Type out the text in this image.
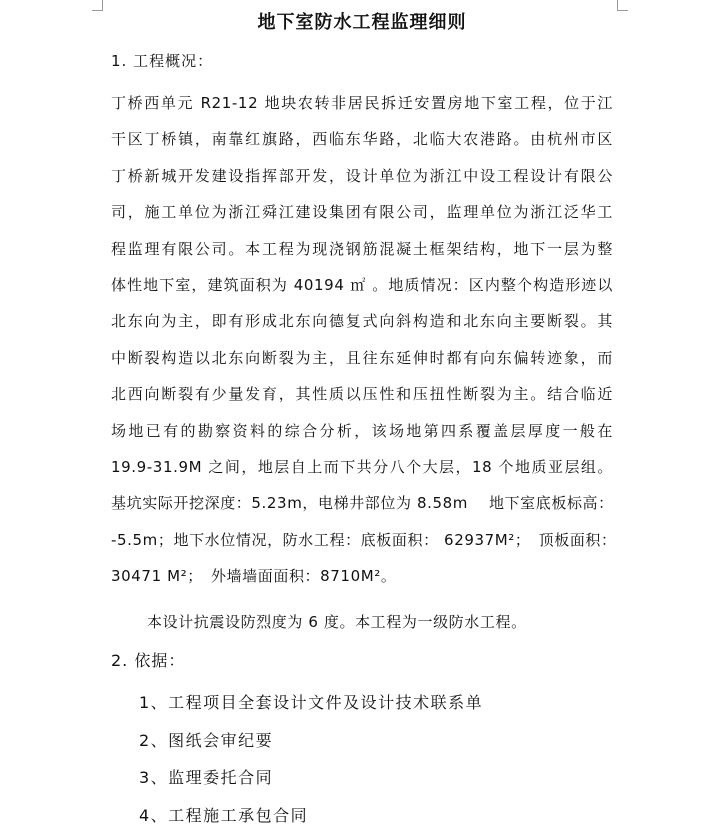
地下室防水工程监理细则
1. 工程概况：
丁桥西单元 R21-12 地块农转非居民拆迁安置房地下室工程，位于江
干区丁桥镇，南靠红旗路，西临东华路，北临大农港路。由杭州市区
丁桥新城开发建设指挥部开发，设计单位为浙江中设工程设计有限公
司，施工单位为浙江舜江建设集团有限公司，监理单位为浙江泛华工
程监理有限公司。本工程为现浇钢筋混凝土框架结构，地下一层为整
体性地下室，建筑面积为 40194 ㎡ 。地质情况：区内整个构造形迹以
北东向为主，即有形成北东向德复式向斜构造和北东向主要断裂。其
中断裂构造以北东向断裂为主，且往东延伸时都有向东偏转迹象，而
北西向断裂有少量发育，其性质以压性和压扭性断裂为主。结合临近
场地已有的勘察资料的综合分析，该场地第四系覆盖层厚度一般在
19.9-31.9M 之间，地层自上而下共分八个大层，18 个地质亚层组。
基坑实际开挖深度：5.23m，电梯井部位为 8.58m　 地下室底板标高：
-5.5m；地下水位情况，防水工程：底板面积： 62937M²；　顶板面积：
30471 M²；　外墙墙面面积：8710M²。
本设计抗震设防烈度为 6 度。本工程为一级防水工程。
2. 依据：
1、工程项目全套设计文件及设计技术联系单
2、图纸会审纪要
3、监理委托合同
4、工程施工承包合同
